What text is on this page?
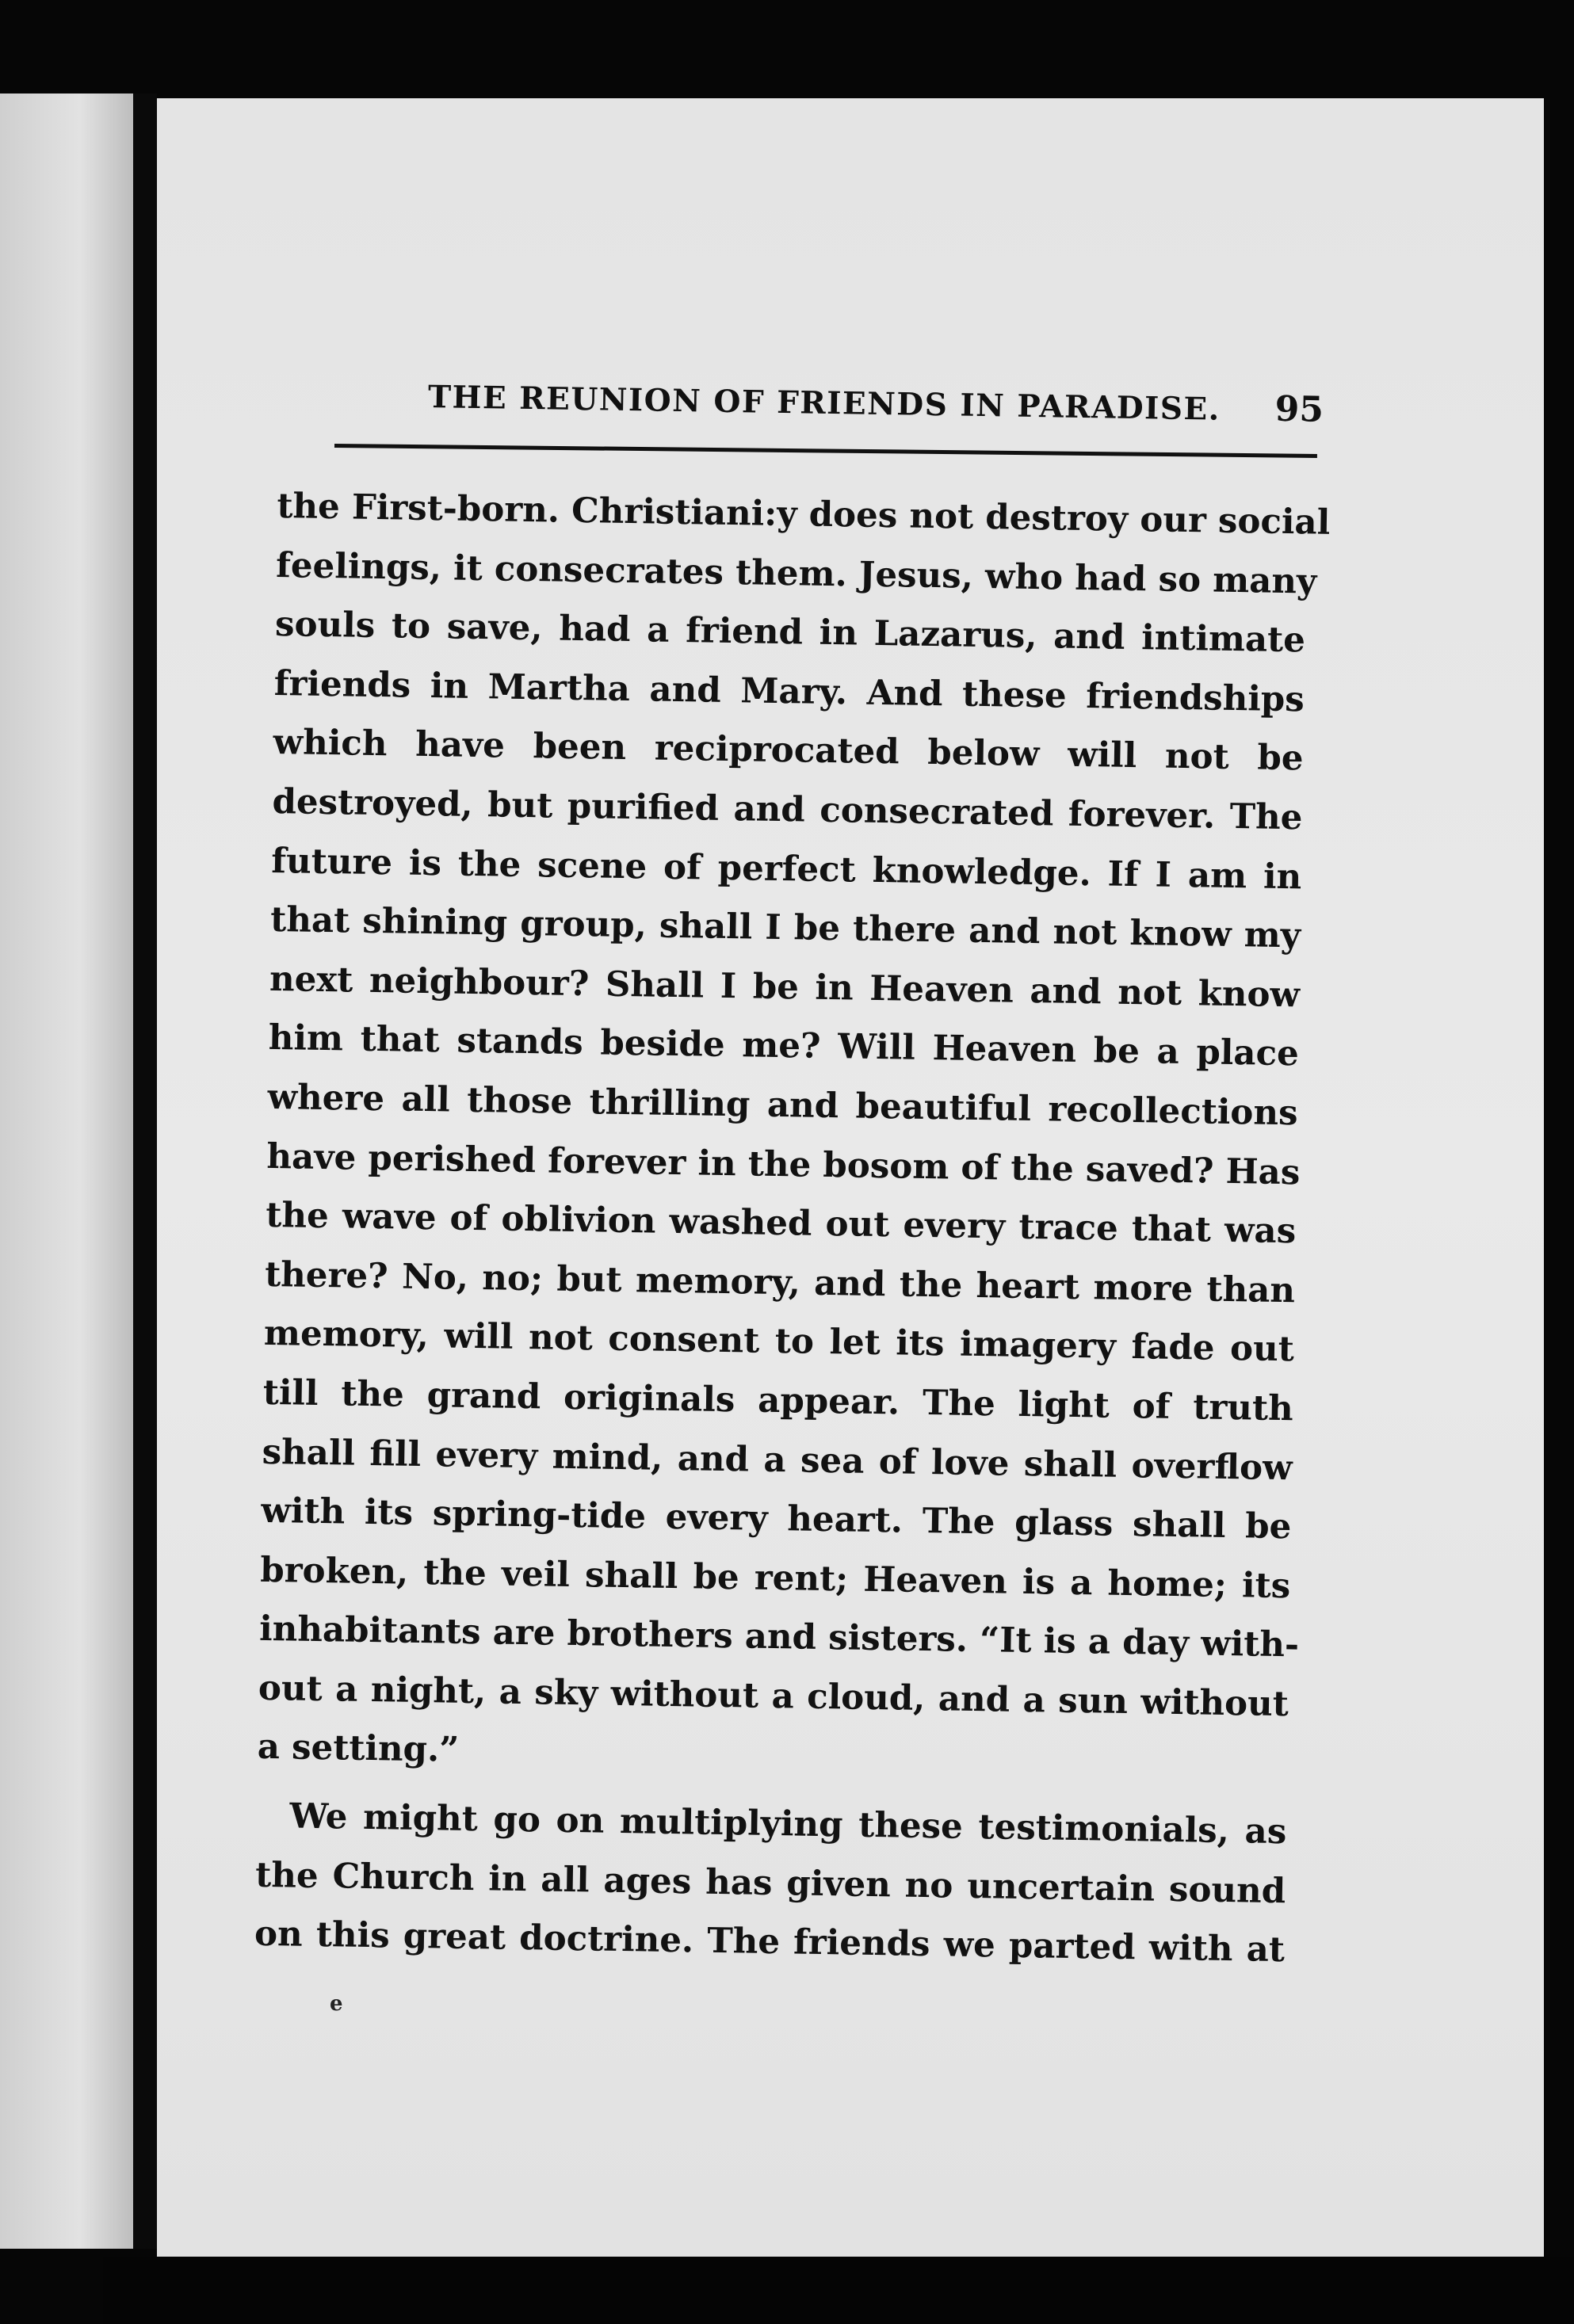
THE REUNION OF FRIENDS IN PARADISE. 95
the First-born. Christiani:y does not destroy our social
feelings, it consecrates them. Jesus, who had so many
souls to save, had a friend in Lazarus, and intimate
friends in Martha and Mary. And these friendships
which have been reciprocated below will not be
destroyed, but purified and consecrated forever. The
future is the scene of perfect knowledge. If I am in
that shining group, shall I be there and not know my
next neighbour? Shall I be in Heaven and not know
him that stands beside me? Will Heaven be a place
where all those thrilling and beautiful recollections
have perished forever in the bosom of the saved? Has
the wave of oblivion washed out every trace that was
there? No, no; but memory, and the heart more than
memory, will not consent to let its imagery fade out
till the grand originals appear. The light of truth
shall fill every mind, and a sea of love shall overflow
with its spring-tide every heart. The glass shall be
broken, the veil shall be rent; Heaven is a home; its
inhabitants are brothers and sisters. “It is a day with-
out a night, a sky without a cloud, and a sun without
a setting.”
We might go on multiplying these testimonials, as
the Church in all ages has given no uncertain sound
on this great doctrine. The friends we parted with at
e
